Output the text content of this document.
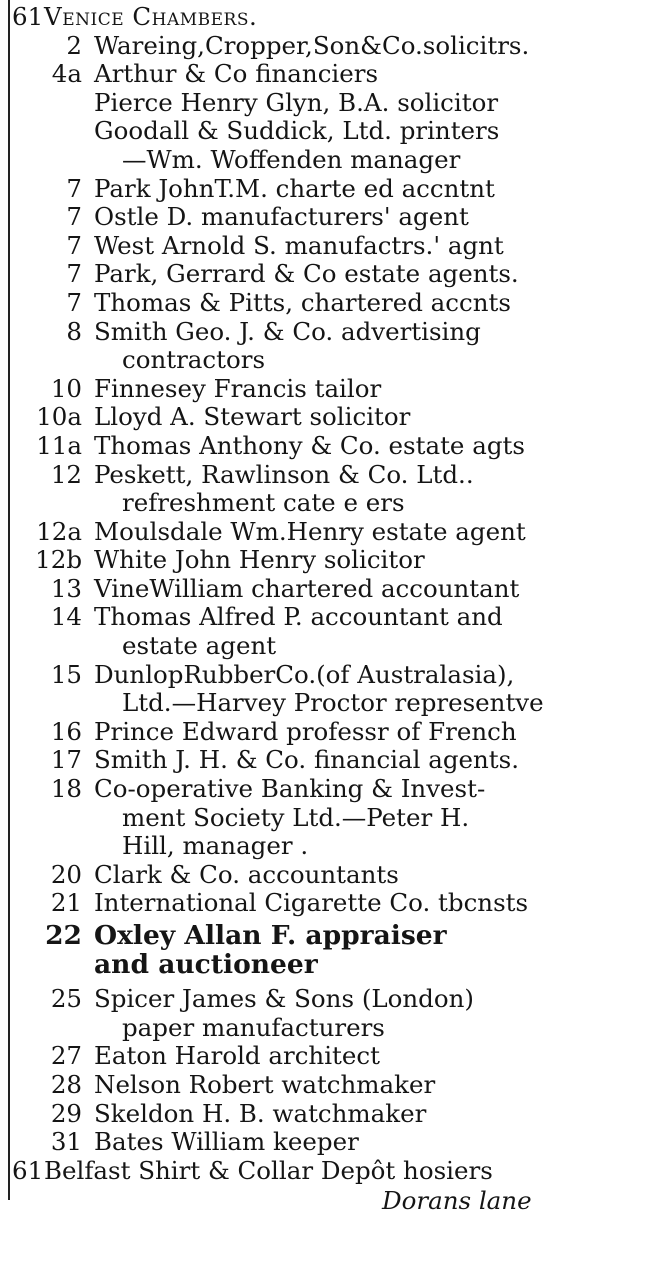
61 Venice Chambers.
2 Wareing,Cropper,Son&Co.solicitrs.
4a Arthur & Co financiers
Pierce Henry Glyn, B.A. solicitor
Goodall & Suddick, Ltd. printers
—Wm. Woffenden manager
7 Park JohnT.M. charte ed accntnt
7 Ostle D. manufacturers' agent
7 West Arnold S. manufactrs.' agnt
7 Park, Gerrard & Co estate agents.
7 Thomas & Pitts, chartered accnts
8 Smith Geo. J. & Co. advertising
contractors
10 Finnesey Francis tailor
10a Lloyd A. Stewart solicitor
11a Thomas Anthony & Co. estate agts
12 Peskett, Rawlinson & Co. Ltd..
refreshment cate e ers
12a Moulsdale Wm.Henry estate agent
12b White John Henry solicitor
13 VineWilliam chartered accountant
14 Thomas Alfred P. accountant and
estate agent
15 DunlopRubberCo.(of Australasia),
Ltd.—Harvey Proctor representve
16 Prince Edward professr of French
17 Smith J. H. & Co. financial agents.
18 Co-operative Banking & Invest-
ment Society Ltd.—Peter H.
Hill, manager .
20 Clark & Co. accountants
21 International Cigarette Co. tbcnsts
22 Oxley Allan F. appraiser
and auctioneer
25 Spicer James & Sons (London)
paper manufacturers
27 Eaton Harold architect
28 Nelson Robert watchmaker
29 Skeldon H. B. watchmaker
31 Bates William keeper
61 Belfast Shirt & Collar Depôt hosiers
Dorans lane
